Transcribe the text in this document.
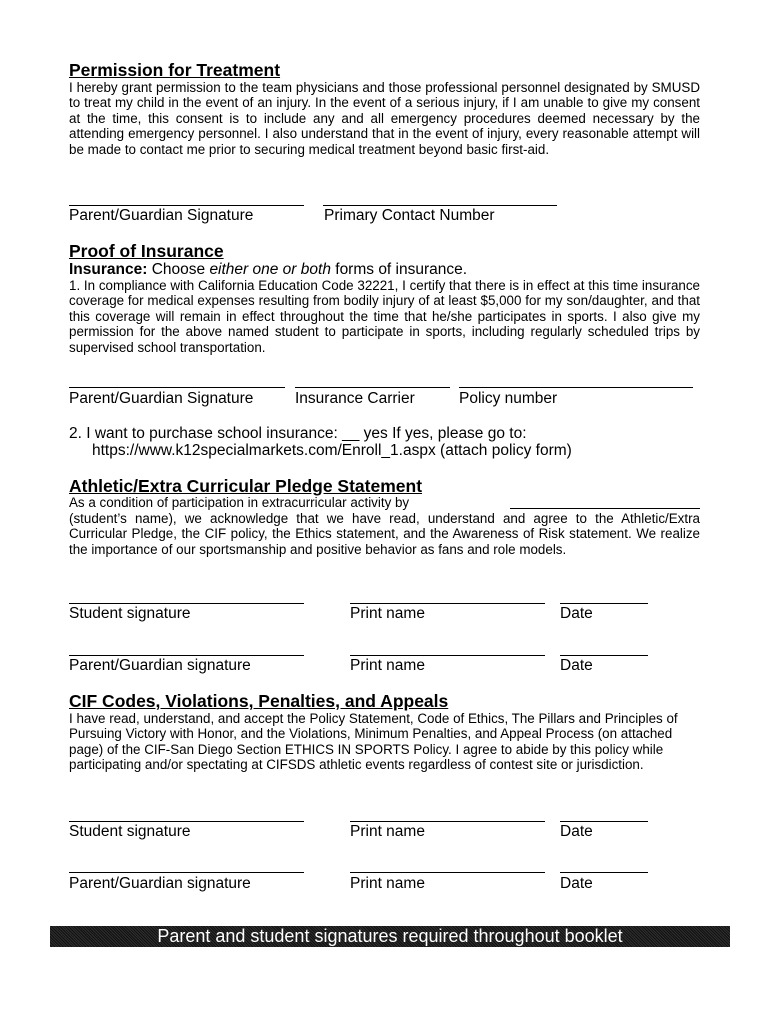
Permission for Treatment

I hereby grant permission to the team physicians and those professional personnel designated by SMUSD to treat my child in the event of an injury. In the event of a serious injury, if I am unable to give my consent at the time, this consent is to include any and all emergency procedures deemed necessary by the attending emergency personnel. I also understand that in the event of injury, every reasonable attempt will be made to contact me prior to securing medical treatment beyond basic first-aid.

Parent/Guardian Signature	Primary Contact Number
Proof of Insurance
Insurance: Choose either one or both forms of insurance.

1. In compliance with California Education Code 32221, I certify that there is in effect at this time insurance coverage for medical expenses resulting from bodily injury of at least $5,000 for my son/daughter, and that this coverage will remain in effect throughout the time that he/she participates in sports. I also give my permission for the above named student to participate in sports, including regularly scheduled trips by supervised school transportation.

Parent/Guardian Signature	Insurance Carrier	Policy number
2. I want to purchase school insurance: __ yes If yes, please go to:
https://www.k12specialmarkets.com/Enroll_1.aspx (attach policy form)
Athletic/Extra Curricular Pledge Statement
As a condition of participation in extracurricular activity by

(student’s name), we acknowledge that we have read, understand and agree to the Athletic/Extra Curricular Pledge, the CIF policy, the Ethics statement, and the Awareness of Risk statement. We realize the importance of our sportsmanship and positive behavior as fans and role models.

Student signature	Print name	Date
Parent/Guardian signature	Print name	Date
CIF Codes, Violations, Penalties, and Appeals

I have read, understand, and accept the Policy Statement, Code of Ethics, The Pillars and Principles of Pursuing Victory with Honor, and the Violations, Minimum Penalties, and Appeal Process (on attached page) of the CIF-San Diego Section ETHICS IN SPORTS Policy. I agree to abide by this policy while participating and/or spectating at CIFSDS athletic events regardless of contest site or jurisdiction.

Student signature	Print name	Date
Parent/Guardian signature	Print name	Date
Parent and student signatures required throughout booklet
